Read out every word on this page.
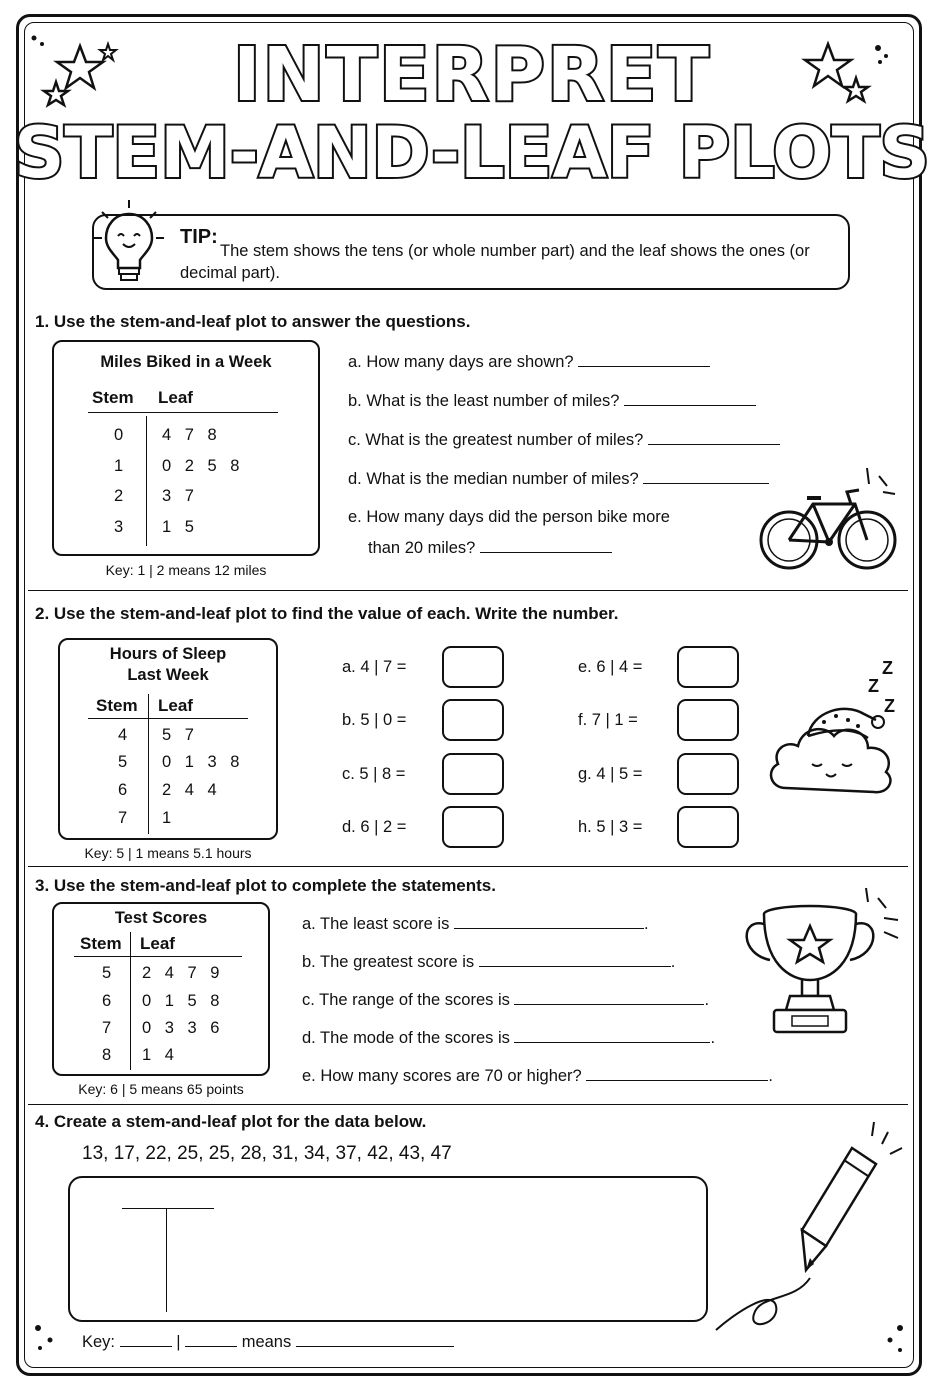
INTERPRET
STEM-AND-LEAF PLOTS
TIP:
The stem shows the tens (or whole number part) and the leaf shows the ones (or decimal part).
1. Use the stem-and-leaf plot to answer the questions.
Miles Biked in a Week
Stem Leaf
0 4 7 8
1 0 2 5 8
2 3 7
3 1 5
Key: 1 | 2 means 12 miles
a. How many days are shown?
b. What is the least number of miles?
c. What is the greatest number of miles?
d. What is the median number of miles?
e. How many days did the person bike more
than 20 miles?
2. Use the stem-and-leaf plot to find the value of each. Write the number.
Hours of Sleep
Last Week
Stem Leaf
4 5 7
5 0 1 3 8
6 2 4 4
7 1
Key: 5 | 1 means 5.1 hours
a. 4 | 7 =
b. 5 | 0 =
c. 5 | 8 =
d. 6 | 2 =
e. 6 | 4 =
f. 7 | 1 =
g. 4 | 5 =
h. 5 | 3 =
Z
Z
Z
3. Use the stem-and-leaf plot to complete the statements.
Test Scores
Stem Leaf
5 2 4 7 9
6 0 1 5 8
7 0 3 3 6
8 1 4
Key: 6 | 5 means 65 points
a. The least score is	.
b. The greatest score is	.
c. The range of the scores is	.
d. The mode of the scores is	.
e. How many scores are 70 or higher?	.
4. Create a stem-and-leaf plot for the data below.
13, 17, 22, 25, 25, 28, 31, 34, 37, 42, 43, 47
Key:	|	means
